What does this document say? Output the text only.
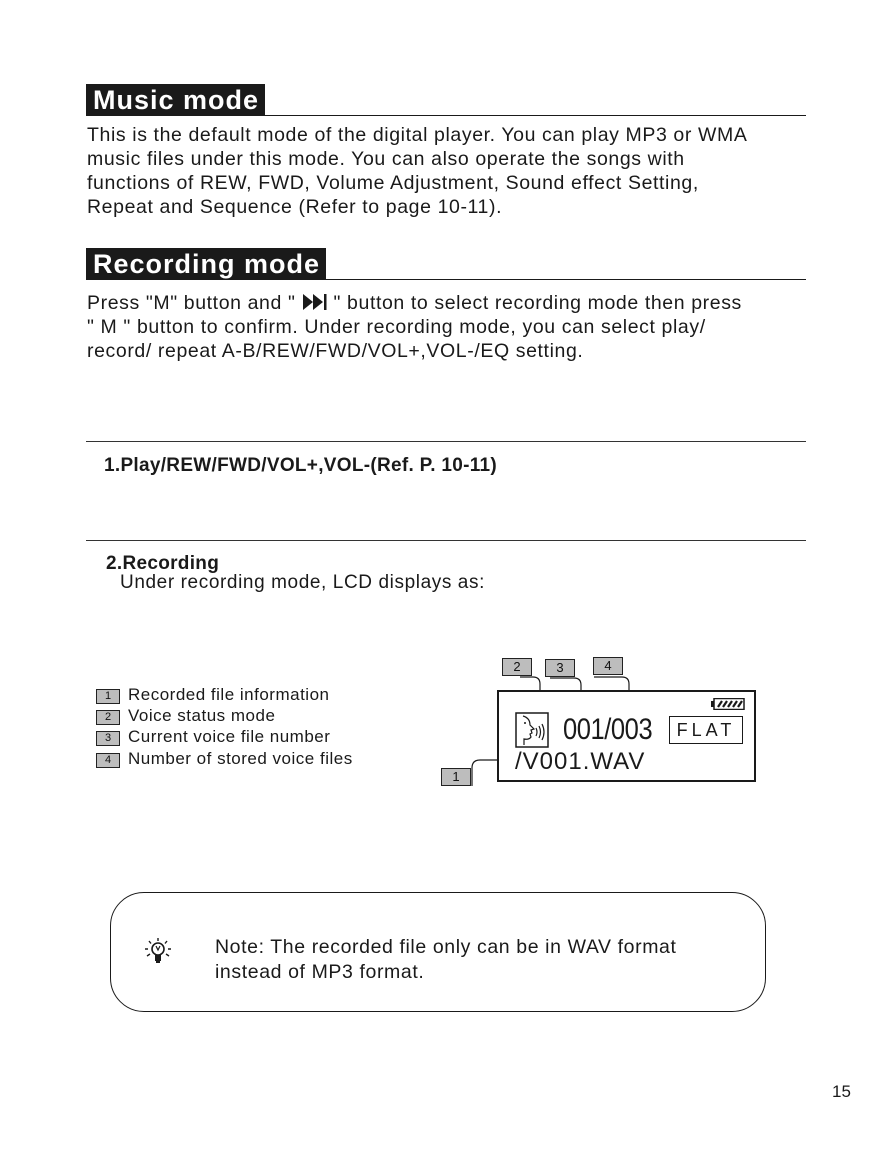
Music mode

This is the default mode of the digital player. You can play MP3 or WMA

music files under this mode. You can also operate the songs with

functions of REW, FWD, Volume Adjustment, Sound effect Setting,

Repeat and Sequence (Refer to page 10-11).

Recording mode

Press "M" button and "  " button to select recording mode then press

" M " button to confirm. Under recording mode, you can select play/

record/ repeat A-B/REW/FWD/VOL+,VOL-/EQ setting.

1.Play/REW/FWD/VOL+,VOL-(Ref. P. 10-11)
2.Recording
Under recording mode, LCD displays as:
1 Recorded file information
2 Voice status mode
3 Current voice file number
4 Number of stored voice files
2	3	4
1
001/003	FLAT
/V001.WAV

Note: The recorded file only can be in WAV format

instead of MP3 format.

15
